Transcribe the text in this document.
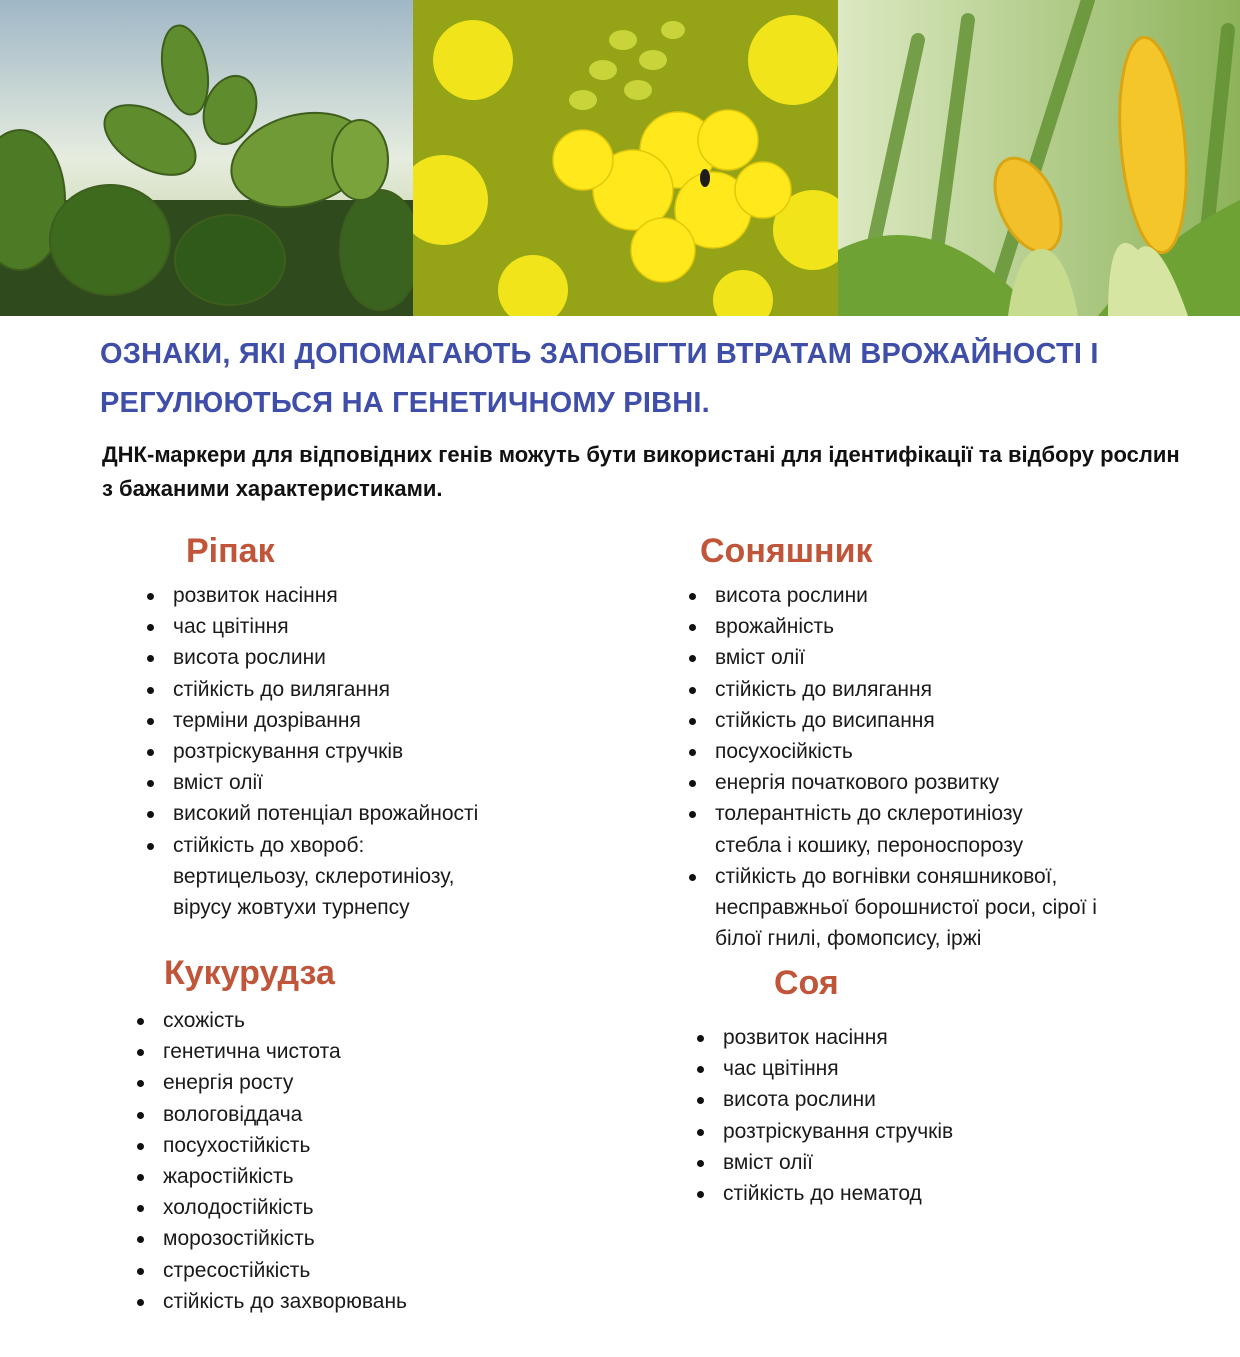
ОЗНАКИ, ЯКІ ДОПОМАГАЮТЬ ЗАПОБІГТИ ВТРАТАМ ВРОЖАЙНОСТІ І РЕГУЛЮЮТЬСЯ НА ГЕНЕТИЧНОМУ РІВНІ.
ДНК-маркери для відповідних генів можуть бути використані для ідентифікації та відбору рослин з бажаними характеристиками.
Ріпак
розвиток насіння
час цвітіння
висота рослини
стійкість до вилягання
терміни дозрівання
розтріскування стручків
вміст олії
високий потенціал врожайності
стійкість до хвороб: вертицельозу, склеротиніозу, вірусу жовтухи турнепсу
Кукурудза
схожість
генетична чистота
енергія росту
вологовіддача
посухостійкість
жаростійкість
холодостійкість
морозостійкість
стресостійкість
стійкість до захворювань
Соняшник
висота рослини
врожайність
вміст олії
стійкість до вилягання
стійкість до висипання
посухосійкість
енергія початкового розвитку
толерантність до склеротиніозу стебла і кошику, пероноспорозу
стійкість до вогнівки соняшникової, несправжньої борошнистої роси, сірої і білої гнилі, фомопсису, іржі
Соя
розвиток насіння
час цвітіння
висота рослини
розтріскування стручків
вміст олії
стійкість до нематод
